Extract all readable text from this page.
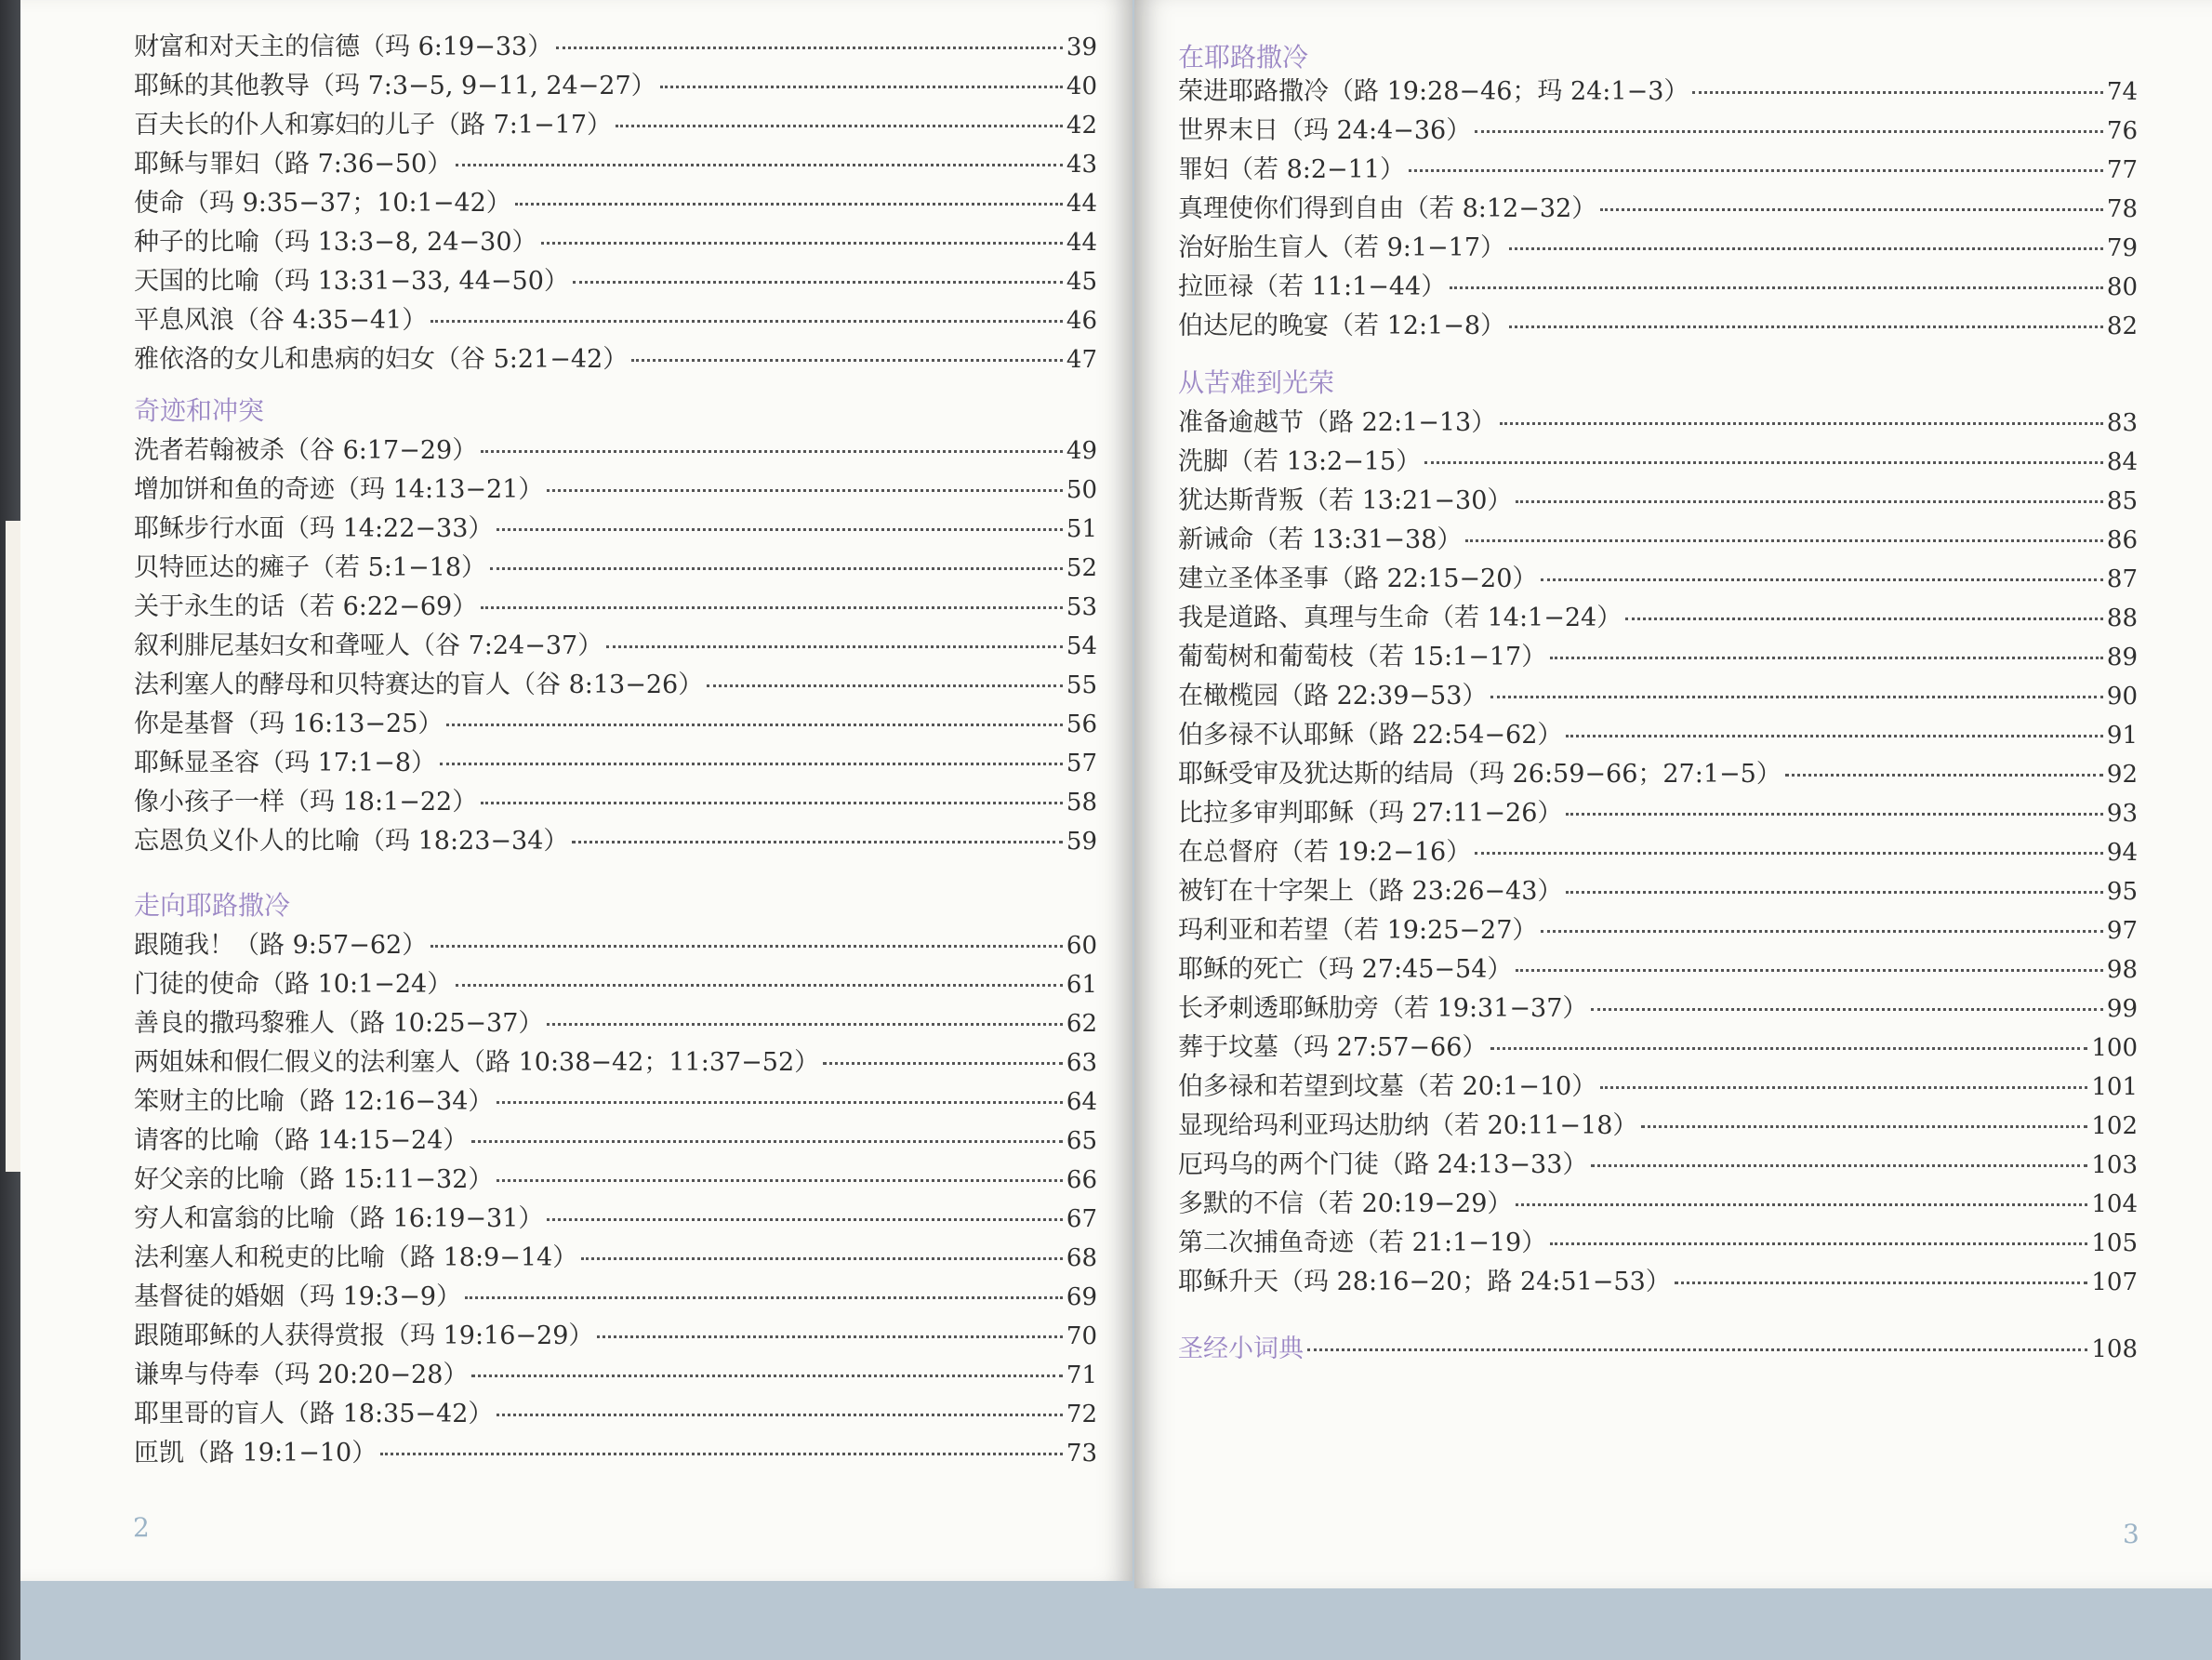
财富和对天主的信德（玛 6:19−33）	39
耶稣的其他教导（玛 7:3−5, 9−11, 24−27）	40
百夫长的仆人和寡妇的儿子（路 7:1−17）	42
耶稣与罪妇（路 7:36−50）	43
使命（玛 9:35−37；10:1−42）	44
种子的比喻（玛 13:3−8, 24−30）	44
天国的比喻（玛 13:31−33, 44−50）	45
平息风浪（谷 4:35−41）	46
雅依洛的女儿和患病的妇女（谷 5:21−42）	47
奇迹和冲突
洗者若翰被杀（谷 6:17−29）	49
增加饼和鱼的奇迹（玛 14:13−21）	50
耶稣步行水面（玛 14:22−33）	51
贝特匝达的瘫子（若 5:1−18）	52
关于永生的话（若 6:22−69）	53
叙利腓尼基妇女和聋哑人（谷 7:24−37）	54
法利塞人的酵母和贝特赛达的盲人（谷 8:13−26）	55
你是基督（玛 16:13−25）	56
耶稣显圣容（玛 17:1−8）	57
像小孩子一样（玛 18:1−22）	58
忘恩负义仆人的比喻（玛 18:23−34）	59
走向耶路撒冷
跟随我！（路 9:57−62）	60
门徒的使命（路 10:1−24）	61
善良的撒玛黎雅人（路 10:25−37）	62
两姐妹和假仁假义的法利塞人（路 10:38−42；11:37−52）	63
笨财主的比喻（路 12:16−34）	64
请客的比喻（路 14:15−24）	65
好父亲的比喻（路 15:11−32）	66
穷人和富翁的比喻（路 16:19−31）	67
法利塞人和税吏的比喻（路 18:9−14）	68
基督徒的婚姻（玛 19:3−9）	69
跟随耶稣的人获得赏报（玛 19:16−29）	70
谦卑与侍奉（玛 20:20−28）	71
耶里哥的盲人（路 18:35−42）	72
匝凯（路 19:1−10）	73
2
在耶路撒冷
荣进耶路撒冷（路 19:28−46；玛 24:1−3）	74
世界末日（玛 24:4−36）	76
罪妇（若 8:2−11）	77
真理使你们得到自由（若 8:12−32）	78
治好胎生盲人（若 9:1−17）	79
拉匝禄（若 11:1−44）	80
伯达尼的晚宴（若 12:1−8）	82
从苦难到光荣
准备逾越节（路 22:1−13）	83
洗脚（若 13:2−15）	84
犹达斯背叛（若 13:21−30）	85
新诫命（若 13:31−38）	86
建立圣体圣事（路 22:15−20）	87
我是道路、真理与生命（若 14:1−24）	88
葡萄树和葡萄枝（若 15:1−17）	89
在橄榄园（路 22:39−53）	90
伯多禄不认耶稣（路 22:54−62）	91
耶稣受审及犹达斯的结局（玛 26:59−66；27:1−5）	92
比拉多审判耶稣（玛 27:11−26）	93
在总督府（若 19:2−16）	94
被钉在十字架上（路 23:26−43）	95
玛利亚和若望（若 19:25−27）	97
耶稣的死亡（玛 27:45−54）	98
长矛刺透耶稣肋旁（若 19:31−37）	99
葬于坟墓（玛 27:57−66）	100
伯多禄和若望到坟墓（若 20:1−10）	101
显现给玛利亚玛达肋纳（若 20:11−18）	102
厄玛乌的两个门徒（路 24:13−33）	103
多默的不信（若 20:19−29）	104
第二次捕鱼奇迹（若 21:1−19）	105
耶稣升天（玛 28:16−20；路 24:51−53）	107
圣经小词典	108
3
